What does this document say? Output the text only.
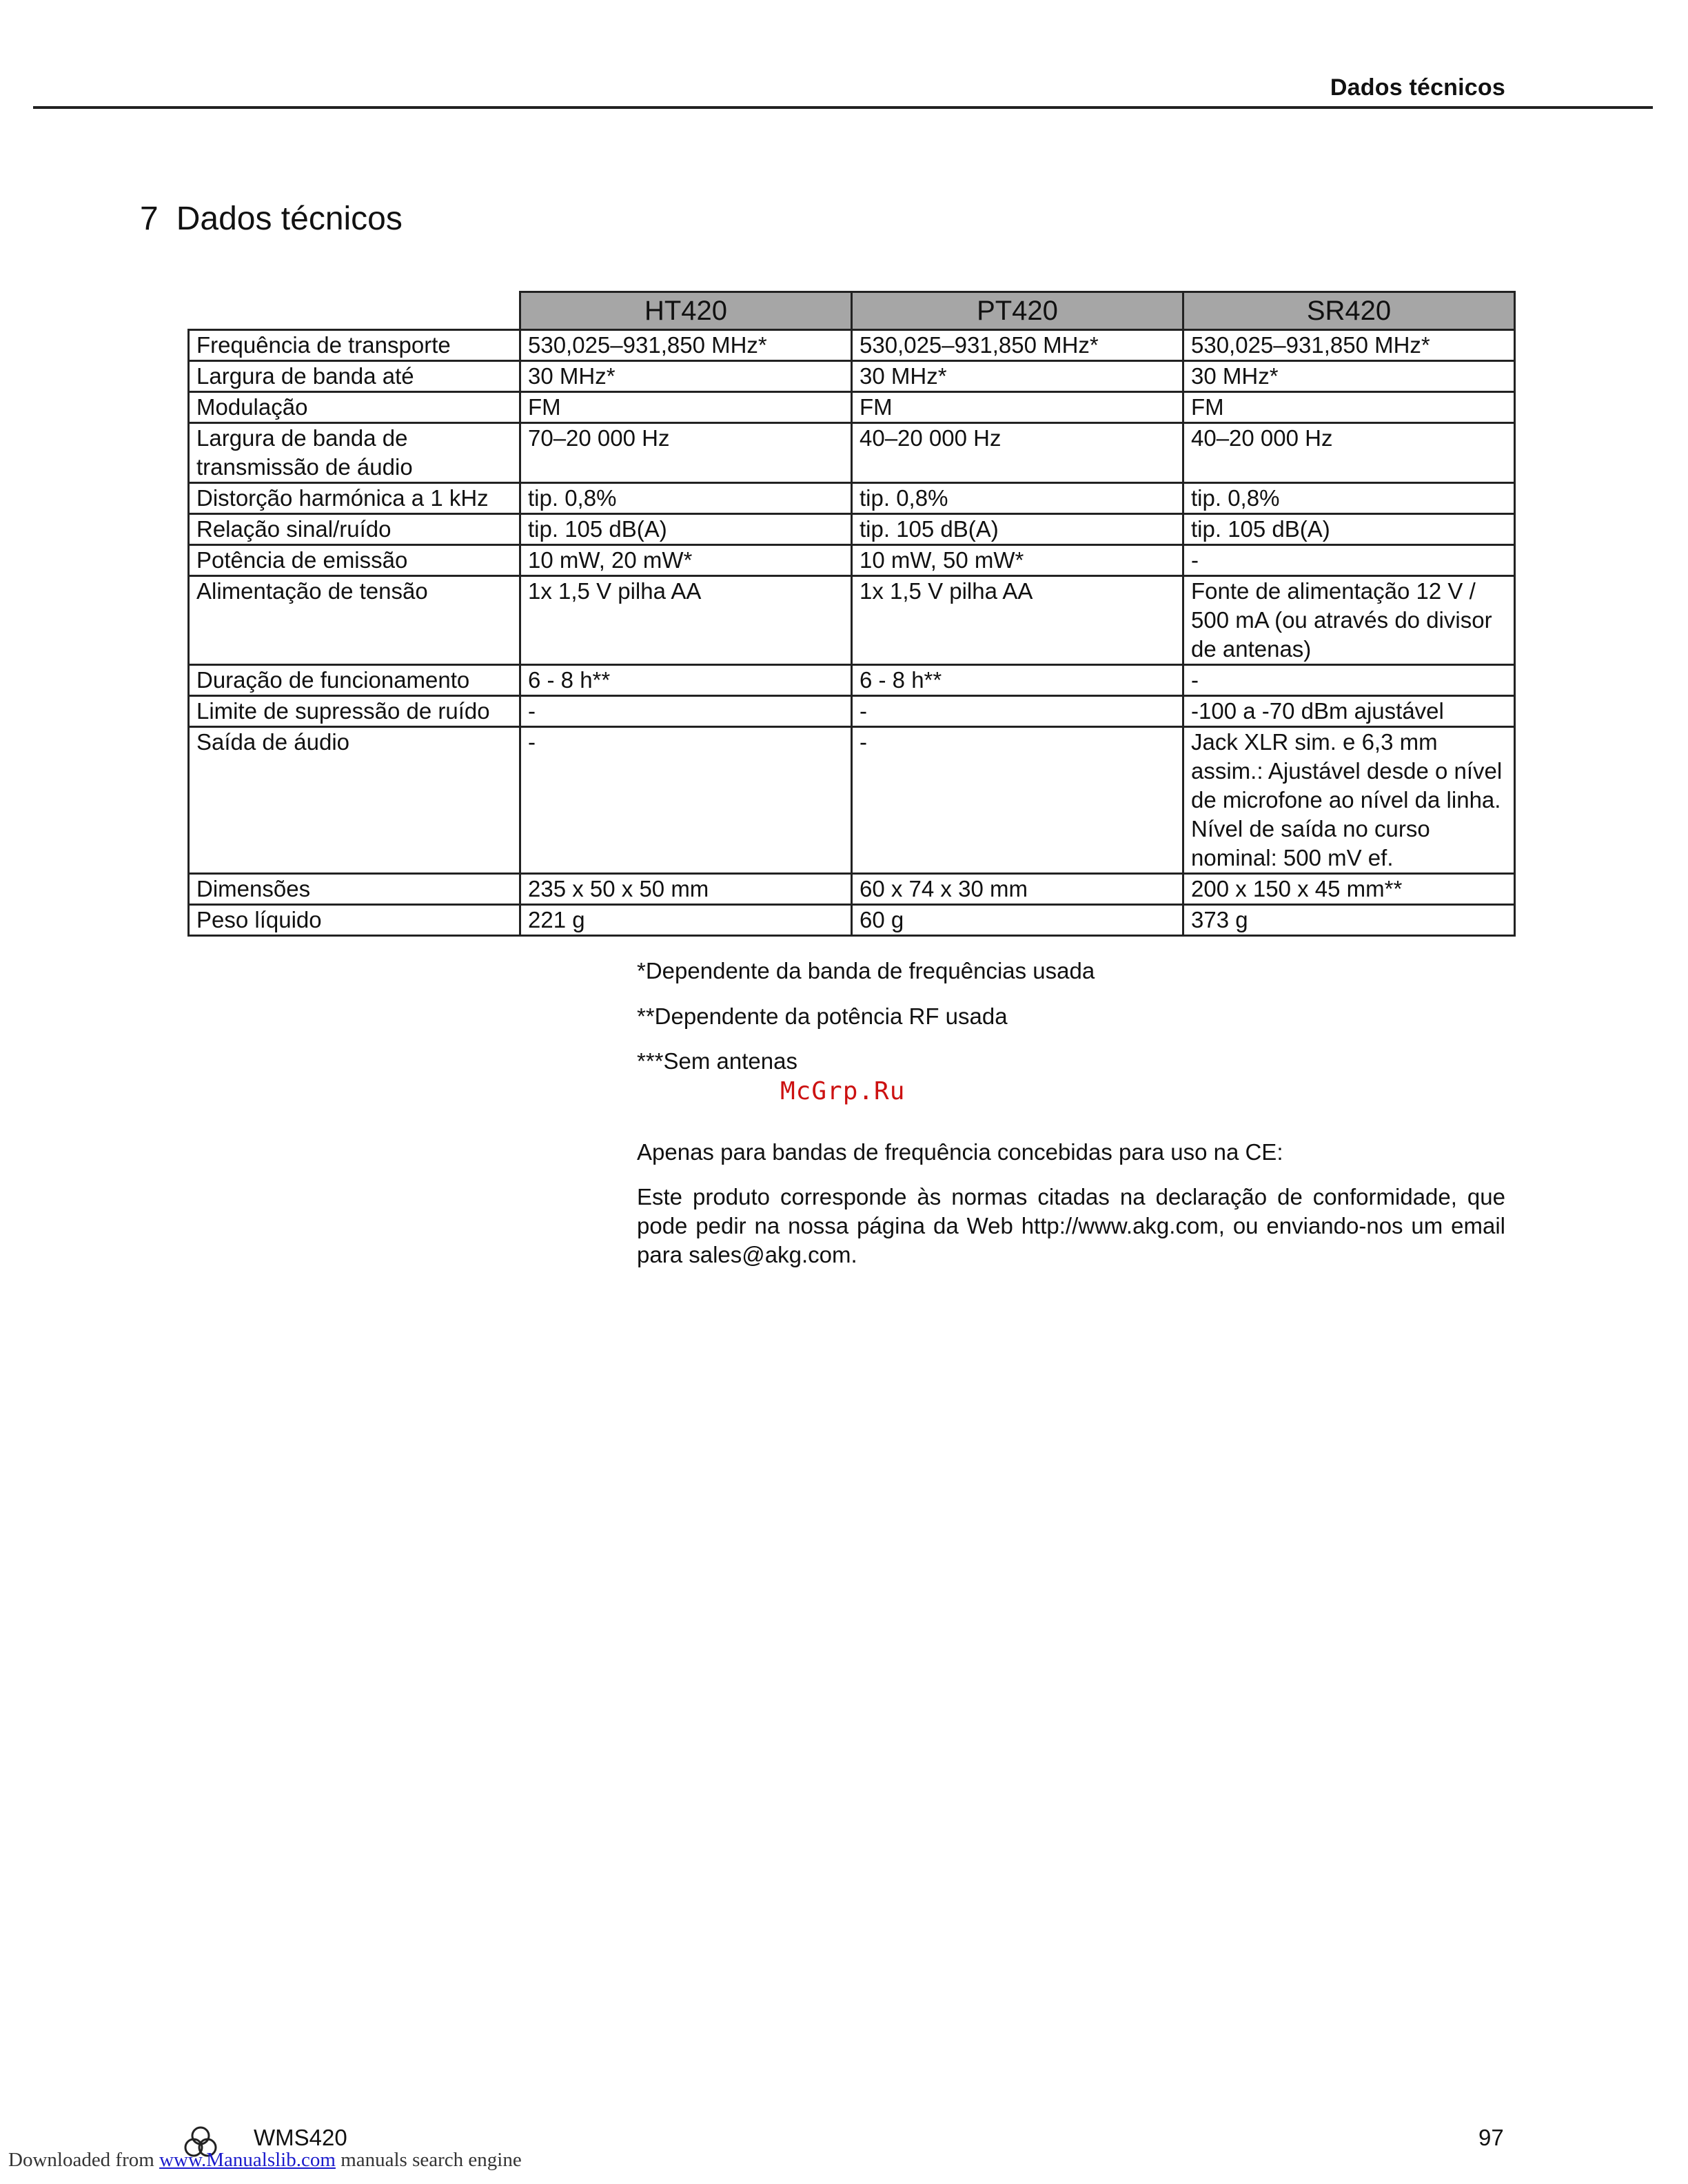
Dados técnicos
7 Dados técnicos
	HT420	PT420	SR420
Frequência de transporte	530,025–931,850 MHz*	530,025–931,850 MHz*	530,025–931,850 MHz*
Largura de banda até	30 MHz*	30 MHz*	30 MHz*
Modulação	FM	FM	FM
Largura de banda de transmissão de áudio	70–20 000 Hz	40–20 000 Hz	40–20 000 Hz
Distorção harmónica a 1 kHz	tip. 0,8%	tip. 0,8%	tip. 0,8%
Relação sinal/ruído	tip. 105 dB(A)	tip. 105 dB(A)	tip. 105 dB(A)
Potência de emissão	10 mW, 20 mW*	10 mW, 50 mW*	-
Alimentação de tensão	1x 1,5 V pilha AA	1x 1,5 V pilha AA	Fonte de alimentação 12 V / 500 mA (ou através do divisor de antenas)
Duração de funcionamento	6 - 8 h**	6 - 8 h**	-
Limite de supressão de ruído	-	-	-100 a -70 dBm ajustável
Saída de áudio	-	-	Jack XLR sim. e 6,3 mm assim.: Ajustável desde o nível de microfone ao nível da linha. Nível de saída no curso nominal: 500 mV ef.
Dimensões	235 x 50 x 50 mm	60 x 74 x 30 mm	200 x 150 x 45 mm**
Peso líquido	221 g	60 g	373 g
*Dependente da banda de frequências usada
**Dependente da potência RF usada
***Sem antenas
McGrp.Ru
Apenas para bandas de frequência concebidas para uso na CE:
Este produto corresponde às normas citadas na declaração de conformidade, que pode pedir na nossa página da Web http://www.akg.com, ou enviando-nos um email para sales@akg.com.
WMS420	97
Downloaded from www.Manualslib.com manuals search engine
